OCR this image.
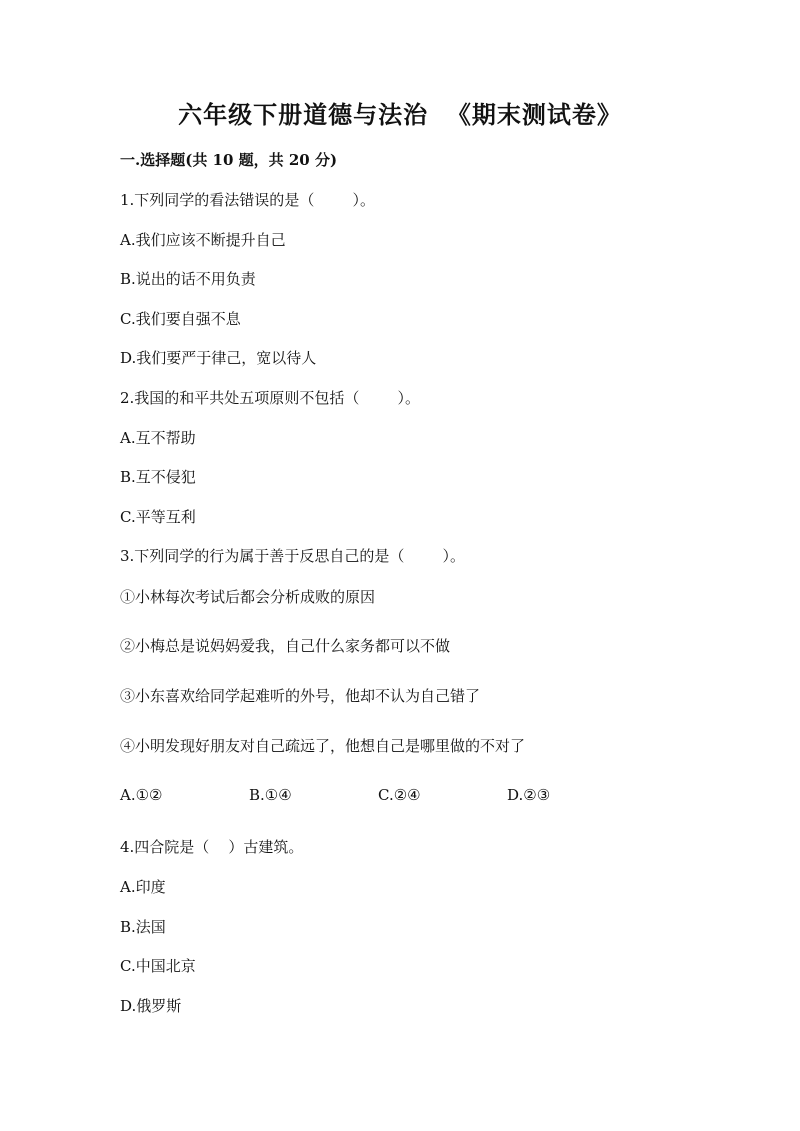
六年级下册道德与法治  《期末测试卷》
一.选择题(共 10 题，共 20 分)
1.下列同学的看法错误的是（        ）。
A.我们应该不断提升自己
B.说出的话不用负责
C.我们要自强不息
D.我们要严于律己，宽以待人
2.我国的和平共处五项原则不包括（        ）。
A.互不帮助
B.互不侵犯
C.平等互利
3.下列同学的行为属于善于反思自己的是（        ）。
①小林每次考试后都会分析成败的原因
②小梅总是说妈妈爱我，自己什么家务都可以不做
③小东喜欢给同学起难听的外号，他却不认为自己错了
④小明发现好朋友对自己疏远了，他想自己是哪里做的不对了
A.①②	B.①④	C.②④	D.②③
4.四合院是（    ）古建筑。
A.印度
B.法国
C.中国北京
D.俄罗斯
